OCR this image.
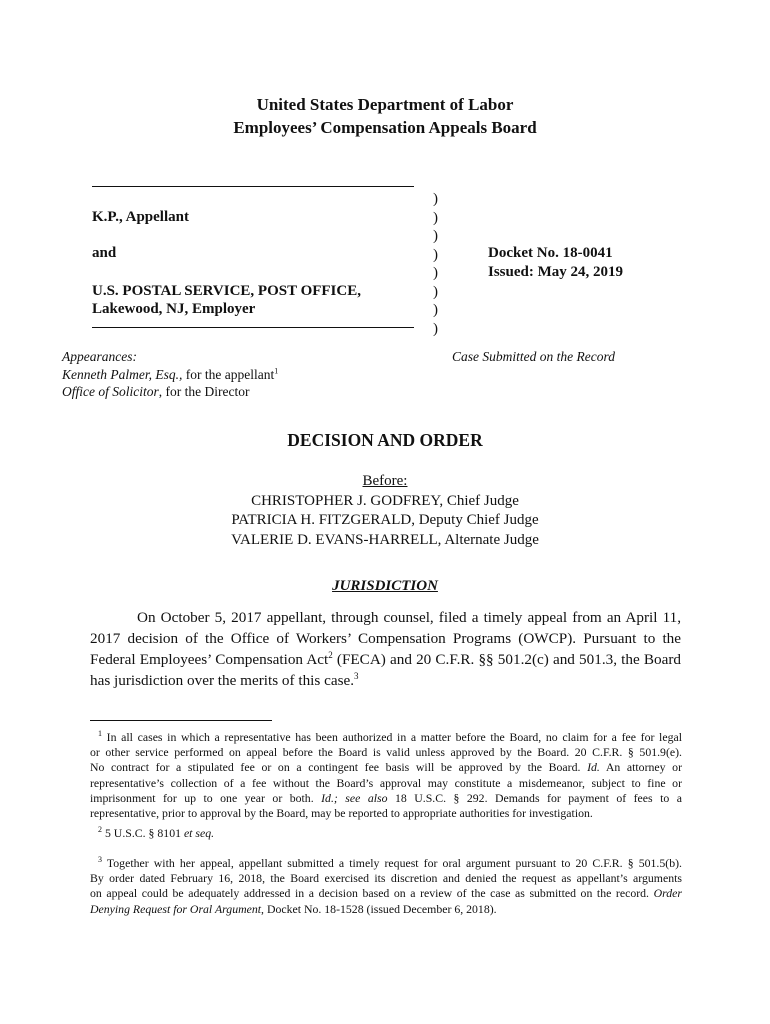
United States Department of Labor
Employees’ Compensation Appeals Board
K.P., Appellant
and
U.S. POSTAL SERVICE, POST OFFICE,
Lakewood, NJ, Employer
)
)
)
)
)
)
)
)
Docket No. 18-0041
Issued: May 24, 2019
Appearances:
Kenneth Palmer, Esq., for the appellant$^1$
Office of Solicitor, for the Director
Case Submitted on the Record
DECISION AND ORDER
Before:
CHRISTOPHER J. GODFREY, Chief Judge
PATRICIA H. FITZGERALD, Deputy Chief Judge
VALERIE D. EVANS-HARRELL, Alternate Judge
JURISDICTION
On October 5, 2017 appellant, through counsel, filed a timely appeal from an April 11,
2017 decision of the Office of Workers’ Compensation Programs (OWCP). Pursuant to the
Federal Employees’ Compensation Act$^2$ (FECA) and 20 C.F.R. §§ 501.2(c) and 501.3, the Board
has jurisdiction over the merits of this case.$^3$
$^1$ In all cases in which a representative has been authorized in a matter before the Board, no claim for a fee for legal
or other service performed on appeal before the Board is valid unless approved by the Board. 20 C.F.R. § 501.9(e).
No contract for a stipulated fee or on a contingent fee basis will be approved by the Board. Id. An attorney or
representative’s collection of a fee without the Board’s approval may constitute a misdemeanor, subject to fine or
imprisonment for up to one year or both. Id.; see also 18 U.S.C. § 292. Demands for payment of fees to a
representative, prior to approval by the Board, may be reported to appropriate authorities for investigation.
$^2$ 5 U.S.C. § 8101 et seq.
$^3$ Together with her appeal, appellant submitted a timely request for oral argument pursuant to 20 C.F.R. § 501.5(b).
By order dated February 16, 2018, the Board exercised its discretion and denied the request as appellant’s arguments
on appeal could be adequately addressed in a decision based on a review of the case as submitted on the record. Order
Denying Request for Oral Argument, Docket No. 18-1528 (issued December 6, 2018).
